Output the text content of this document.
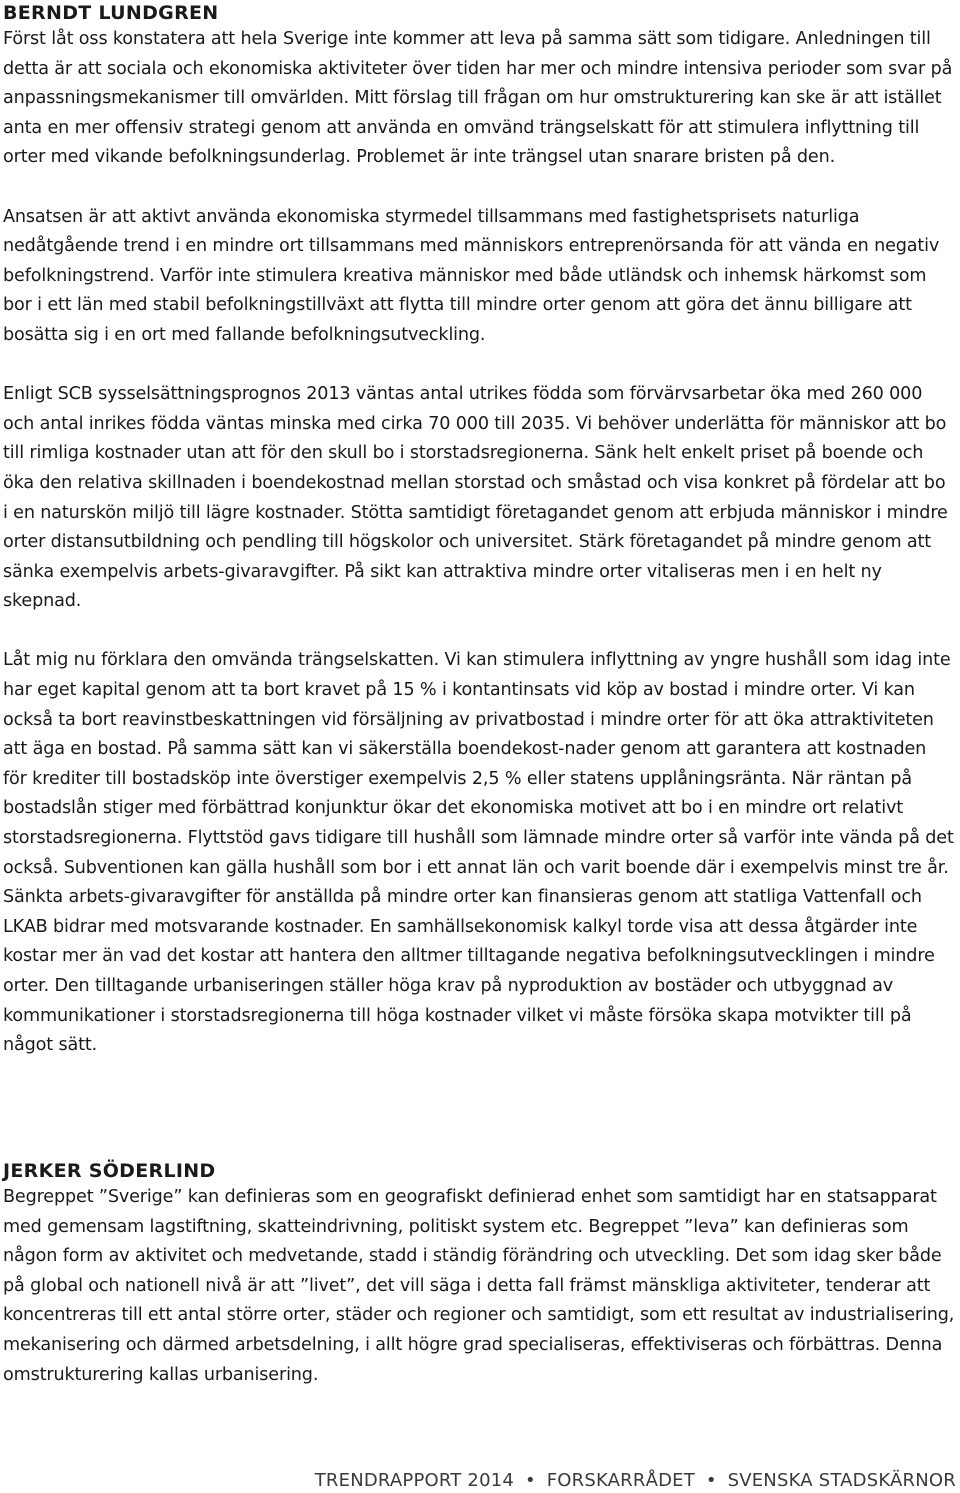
BERNDT LUNDGREN

Först låt oss konstatera att hela Sverige inte kommer att leva på samma sätt som tidigare. Anledningen till detta är att sociala och ekonomiska aktiviteter över tiden har mer och mindre intensiva perioder som svar på anpassningsmekanismer till omvärlden. Mitt förslag till frågan om hur omstrukturering kan ske är att istället anta en mer offensiv strategi genom att använda en omvänd trängselskatt för att stimulera inflyttning till orter med vikande befolkningsunderlag. Problemet är inte trängsel utan snarare bristen på den.

Ansatsen är att aktivt använda ekonomiska styrmedel tillsammans med fastighetsprisets naturliga nedåtgående trend i en mindre ort tillsammans med människors entreprenörsanda för att vända en negativ befolkningstrend. Varför inte stimulera kreativa människor med både utländsk och inhemsk härkomst som bor i ett län med stabil befolkningstillväxt att flytta till mindre orter genom att göra det ännu billigare att bosätta sig i en ort med fallande befolkningsutveckling.

Enligt SCB sysselsättningsprognos 2013 väntas antal utrikes födda som förvärvsarbetar öka med 260 000 och antal inrikes födda väntas minska med cirka 70 000 till 2035. Vi behöver underlätta för människor att bo till rimliga kostnader utan att för den skull bo i storstadsregionerna. Sänk helt enkelt priset på boende och öka den relativa skillnaden i boendekostnad mellan storstad och småstad och visa konkret på fördelar att bo i en naturskön miljö till lägre kostnader. Stötta samtidigt företagandet genom att erbjuda människor i mindre orter distansutbildning och pendling till högskolor och universitet. Stärk företagandet på mindre genom att sänka exempelvis arbets-givaravgifter. På sikt kan attraktiva mindre orter vitaliseras men i en helt ny skepnad.

Låt mig nu förklara den omvända trängselskatten. Vi kan stimulera inflyttning av yngre hushåll som idag inte har eget kapital genom att ta bort kravet på 15 % i kontantinsats vid köp av bostad i mindre orter. Vi kan också ta bort reavinstbeskattningen vid försäljning av privatbostad i mindre orter för att öka attraktiviteten att äga en bostad. På samma sätt kan vi säkerställa boendekost-nader genom att garantera att kostnaden för krediter till bostadsköp inte överstiger exempelvis 2,5 % eller statens upplåningsränta. När räntan på bostadslån stiger med förbättrad konjunktur ökar det ekonomiska motivet att bo i en mindre ort relativt storstadsregionerna. Flyttstöd gavs tidigare till hushåll som lämnade mindre orter så varför inte vända på det också. Subventionen kan gälla hushåll som bor i ett annat län och varit boende där i exempelvis minst tre år. Sänkta arbets-givaravgifter för anställda på mindre orter kan finansieras genom att statliga Vattenfall och LKAB bidrar med motsvarande kostnader. En samhällsekonomisk kalkyl torde visa att dessa åtgärder inte kostar mer än vad det kostar att hantera den alltmer tilltagande negativa befolkningsutvecklingen i mindre orter. Den tilltagande urbaniseringen ställer höga krav på nyproduktion av bostäder och utbyggnad av kommunikationer i storstadsregionerna till höga kostnader vilket vi måste försöka skapa motvikter till på något sätt.

JERKER SÖDERLIND

Begreppet ”Sverige” kan definieras som en geografiskt definierad enhet som samtidigt har en statsapparat med gemensam lagstiftning, skatteindrivning, politiskt system etc. Begreppet ”leva” kan definieras som någon form av aktivitet och medvetande, stadd i ständig förändring och utveckling. Det som idag sker både på global och nationell nivå är att ”livet”, det vill säga i detta fall främst mänskliga aktiviteter, tenderar att koncentreras till ett antal större orter, städer och regioner och samtidigt, som ett resultat av industrialisering, mekanisering och därmed arbetsdelning, i allt högre grad specialiseras, effektiviseras och förbättras. Denna omstrukturering kallas urbanisering.

TRENDRAPPORT 2014 • FORSKARRÅDET • SVENSKA STADSKÄRNOR
